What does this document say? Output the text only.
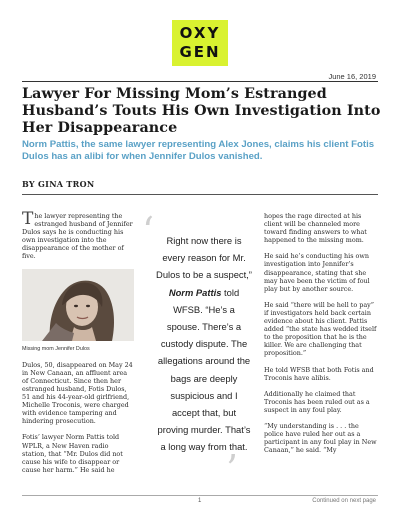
OXY
GEN
June 16, 2019
Lawyer For Missing Mom’s Estranged Husband’s Touts His Own Investigation Into Her Disappearance
Norm Pattis, the same lawyer representing Alex Jones, claims his client Fotis Dulos has an alibi for when Jennifer Dulos vanished.
BY GINA TRON

The lawyer representing the estranged husband of Jennifer Dulos says he is conducting his own investigation into the disappearance of the mother of five.

Missing mom Jennifer Dulos

Dulos, 50, disappeared on May 24 in New Canaan, an affluent area of Connecticut. Since then her estranged husband, Fotis Dulos, 51 and his 44-year-old girlfriend, Michelle Troconis, were charged with evidence tampering and hindering prosecution.

Fotis’ lawyer Norm Pattis told WPLR, a New Haven radio station, that “Mr. Dulos did not cause his wife to disappear or cause her harm.” He said he

‘	Right now there is every reason for Mr. Dulos to be a suspect,” Norm Pattis told WFSB. “He’s a spouse. There’s a custody dispute. The allegations around the bags are deeply suspicious and I accept that, but proving murder. That’s a long way from that.
’

hopes the rage directed at his client will be channeled more toward finding answers to what happened to the missing mom.

He said he’s conducting his own investigation into Jennifer’s disappearance, stating that she may have been the victim of foul play but by another source.

He said “there will be hell to pay” if investigators held back certain evidence about his client. Pattis added “the state has wedded itself to the proposition that he is the killer. We are challenging that proposition.”

He told WFSB that both Fotis and Troconis have alibis.

Additionally he claimed that Troconis has been ruled out as a suspect in any foul play.

“My understanding is . . . the police have ruled her out as a participant in any foul play in New Canaan,” he said. “My

1	Continued on next page
